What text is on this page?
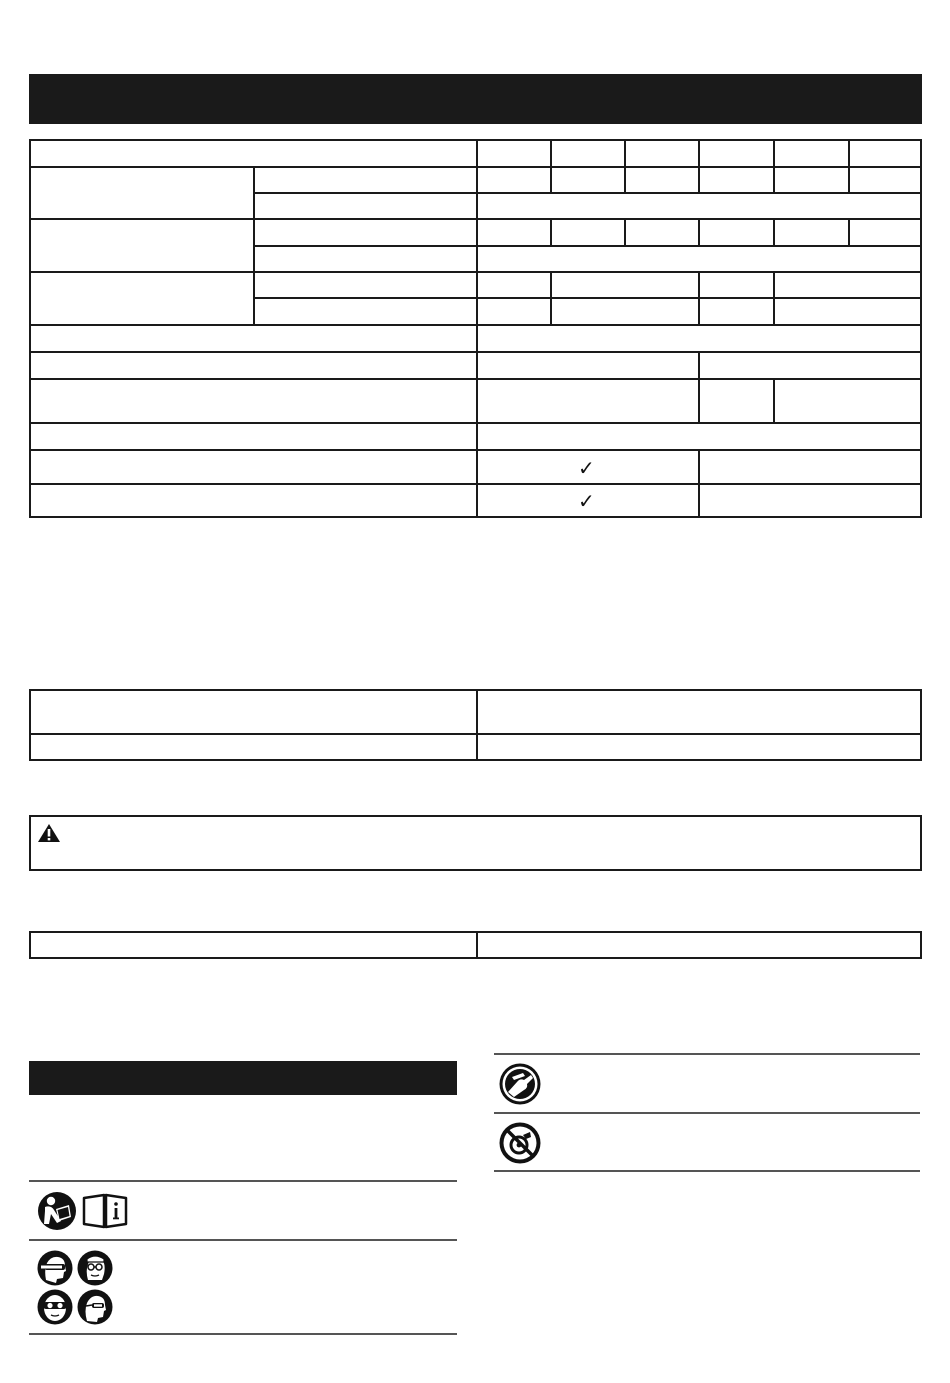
✓
✓
